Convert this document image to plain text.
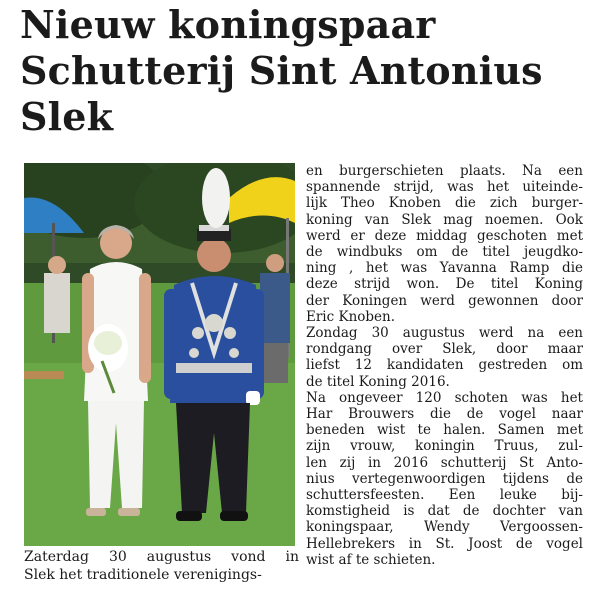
Nieuw koningspaar
Schutterij Sint Antonius
Slek
Zaterdag 30 augustus vond in
Slek het traditionele verenigings-
en burgerschieten plaats. Na een
spannende strijd, was het uiteinde-
lijk Theo Knoben die zich burger-
koning van Slek mag noemen. Ook
werd er deze middag geschoten met
de windbuks om de titel jeugdko-
ning , het was Yavanna Ramp die
deze strijd won. De titel Koning
der Koningen werd gewonnen door
Eric Knoben.
Zondag 30 augustus werd na een
rondgang over Slek, door maar
liefst 12 kandidaten gestreden om
de titel Koning 2016.
Na ongeveer 120 schoten was het
Har Brouwers die de vogel naar
beneden wist te halen. Samen met
zijn vrouw, koningin Truus, zul-
len zij in 2016 schutterij St Anto-
nius vertegenwoordigen tijdens de
schuttersfeesten. Een leuke bij-
komstigheid is dat de dochter van
koningspaar, Wendy Vergoossen-
Hellebrekers in St. Joost de vogel
wist af te schieten.
